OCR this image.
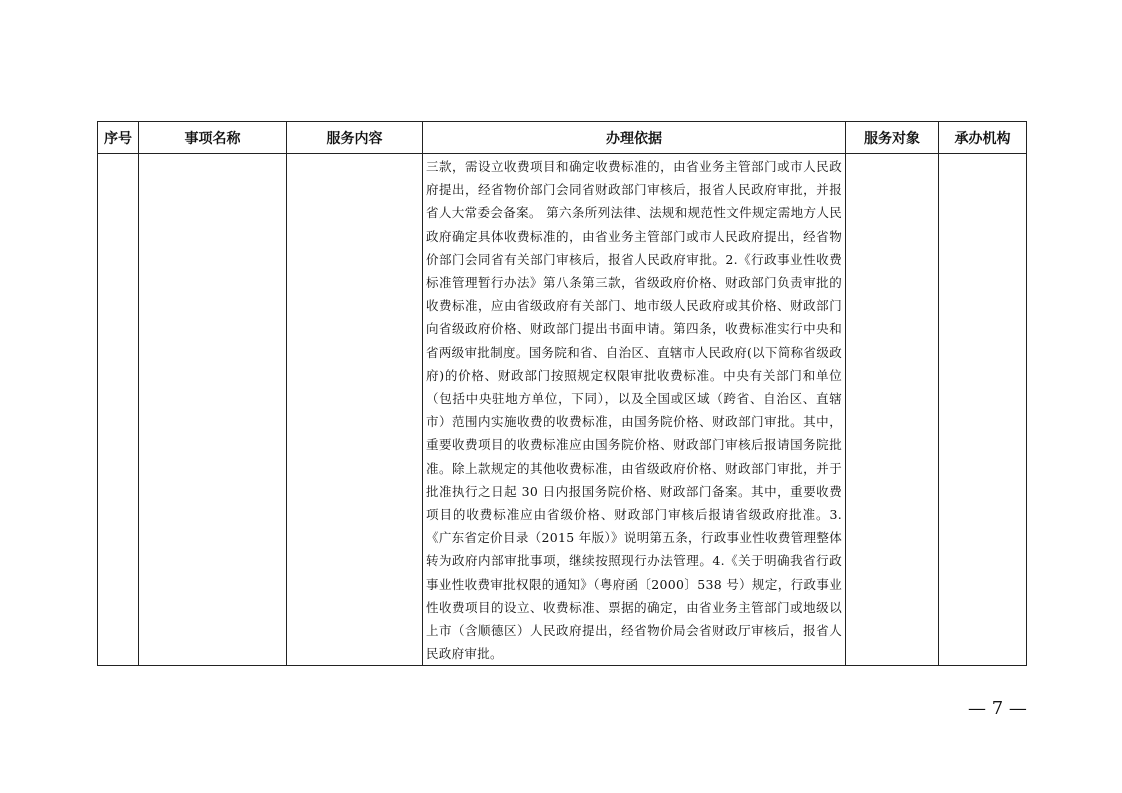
序号	事项名称	服务内容	办理依据	服务对象	承办机构

			三款，需设立收费项目和确定收费标准的，由省业务主管部门或市人民政府提出，经省物价部门会同省财政部门审核后，报省人民政府审批，并报省人大常委会备案。 第六条所列法律、法规和规范性文件规定需地方人民政府确定具体收费标准的，由省业务主管部门或市人民政府提出，经省物价部门会同省有关部门审核后，报省人民政府审批。2.《行政事业性收费标准管理暂行办法》第八条第三款，省级政府价格、财政部门负责审批的收费标准，应由省级政府有关部门、地市级人民政府或其价格、财政部门向省级政府价格、财政部门提出书面申请。第四条，收费标准实行中央和省两级审批制度。国务院和省、自治区、直辖市人民政府(以下简称省级政府)的价格、财政部门按照规定权限审批收费标准。中央有关部门和单位（包括中央驻地方单位，下同），以及全国或区域（跨省、自治区、直辖市）范围内实施收费的收费标准，由国务院价格、财政部门审批。其中，重要收费项目的收费标准应由国务院价格、财政部门审核后报请国务院批准。除上款规定的其他收费标准，由省级政府价格、财政部门审批，并于批准执行之日起 30 日内报国务院价格、财政部门备案。其中，重要收费项目的收费标准应由省级价格、财政部门审核后报请省级政府批准。3.《广东省定价目录（2015 年版）》说明第五条，行政事业性收费管理整体转为政府内部审批事项，继续按照现行办法管理。4.《关于明确我省行政事业性收费审批权限的通知》（粤府函〔2000〕538 号）规定，行政事业性收费项目的设立、收费标准、票据的确定，由省业务主管部门或地级以上市（含顺德区）人民政府提出，经省物价局会省财政厅审核后，报省人民政府审批。		

— 7 —
